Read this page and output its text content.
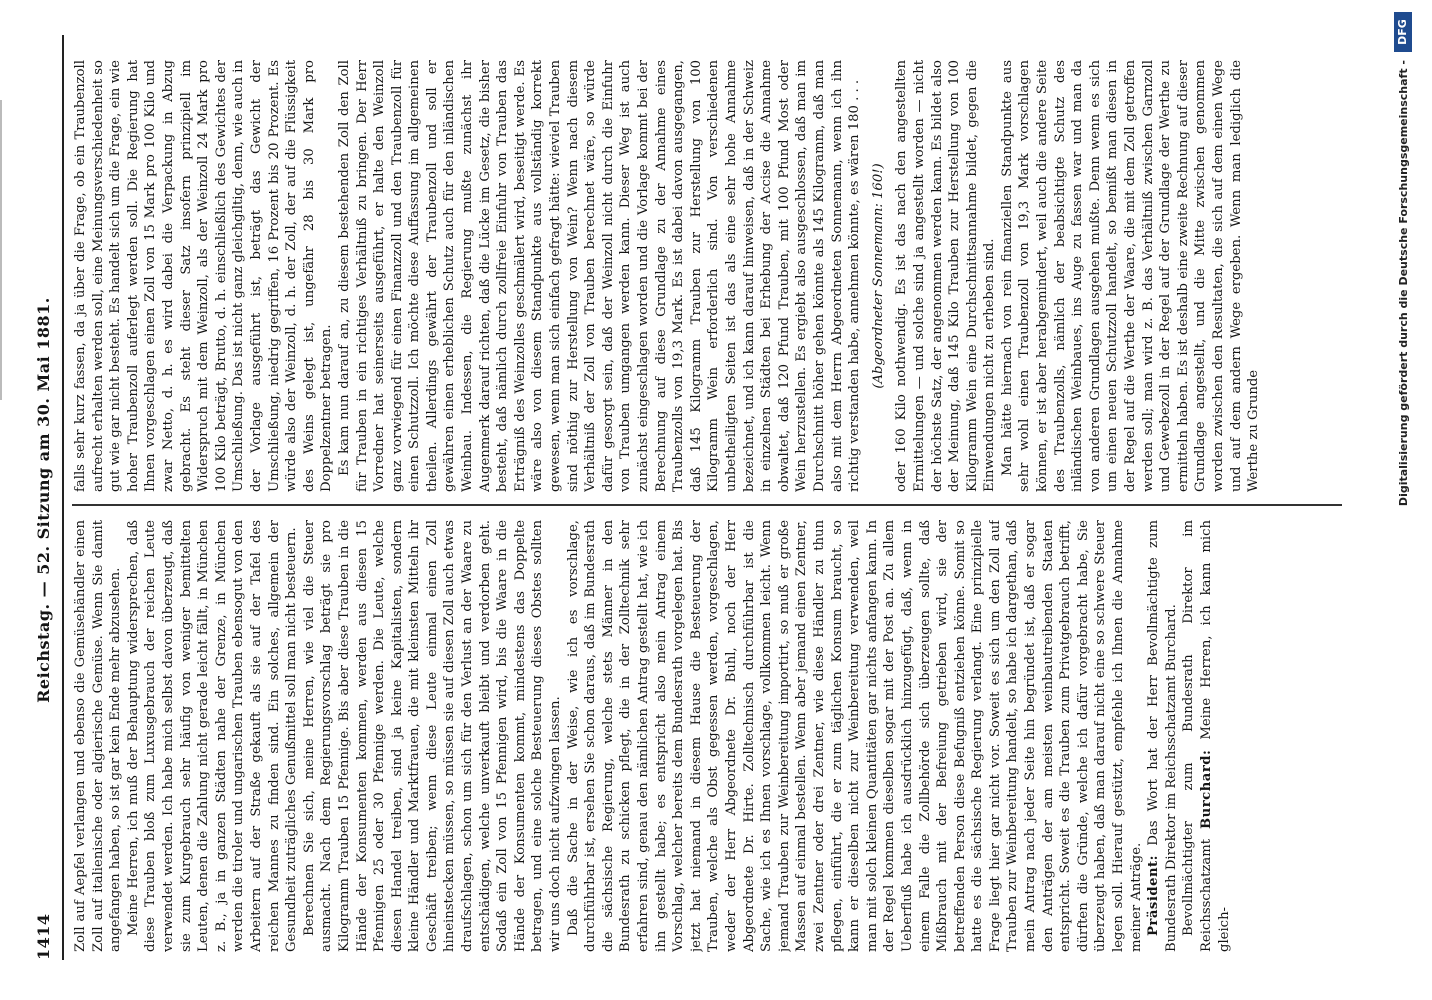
1414
Reichstag. — 52. Sitzung am 30. Mai 1881.

Zoll auf Aepfel verlangen und ebenso die Gemüsehändler einen Zoll auf italienische oder algierische Gemüse. Wenn Sie damit angefangen haben, so ist gar kein Ende mehr abzusehen. Meine Herren, ich muß der Behauptung widersprechen, daß diese Trauben bloß zum Luxusgebrauch der reichen Leute verwendet werden. Ich habe mich selbst davon überzeugt, daß sie zum Kurgebrauch sehr häufig von weniger bemittelten Leuten, denen die Zahlung nicht gerade leicht fällt, in München z. B., ja in ganzen Städten nahe der Grenze, in München werden die tiroler und ungarischen Trauben ebensogut von den Arbeitern auf der Straße gekauft als sie auf der Tafel des reichen Mannes zu finden sind. Ein solches, allgemein der Gesundheit zuträgliches Genußmittel soll man nicht besteuern. Berechnen Sie sich, meine Herren, wie viel die Steuer ausmacht. Nach dem Regierungsvorschlag beträgt sie pro Kilogramm Trauben 15 Pfennige. Bis aber diese Trauben in die Hände der Konsumenten kommen, werden aus diesen 15 Pfennigen 25 oder 30 Pfennige werden. Die Leute, welche diesen Handel treiben, sind ja keine Kapitalisten, sondern kleine Händler und Marktfrauen, die mit kleinsten Mitteln ihr Geschäft treiben; wenn diese Leute einmal einen Zoll hineinstecken müssen, so müssen sie auf diesen Zoll auch etwas draufschlagen, schon um sich für den Verlust an der Waare zu entschädigen, welche unverkauft bleibt und verdorben geht. Sodaß ein Zoll von 15 Pfennigen wird, bis die Waare in die Hände der Konsumenten kommt, mindestens das Doppelte betragen, und eine solche Besteuerung dieses Obstes sollten wir uns doch nicht aufzwingen lassen. Daß die Sache in der Weise, wie ich es vorschlage, durchführbar ist, ersehen Sie schon daraus, daß im Bundesrath die sächsische Regierung, welche stets Männer in den Bundesrath zu schicken pflegt, die in der Zolltechnik sehr erfahren sind, genau den nämlichen Antrag gestellt hat, wie ich ihn gestellt habe; es entspricht also mein Antrag einem Vorschlag, welcher bereits dem Bundesrath vorgelegen hat. Bis jetzt hat niemand in diesem Hause die Besteuerung der Trauben, welche als Obst gegessen werden, vorgeschlagen, weder der Herr Abgeordnete Dr. Buhl, noch der Herr Abgeordnete Dr. Hirte. Zolltechnisch durchführbar ist die Sache, wie ich es Ihnen vorschlage, vollkommen leicht. Wenn jemand Trauben zur Weinbereitung importirt, so muß er große Massen auf einmal bestellen. Wenn aber jemand einen Zentner, zwei Zentner oder drei Zentner, wie diese Händler zu thun pflegen, einführt, die er zum täglichen Konsum braucht, so kann er dieselben nicht zur Weinbereitung verwenden, weil man mit solch kleinen Quantitäten gar nichts anfangen kann. In der Regel kommen dieselben sogar mit der Post an. Zu allem Ueberfluß habe ich ausdrücklich hinzugefügt, daß, wenn in einem Falle die Zollbehörde sich überzeugen sollte, daß Mißbrauch mit der Befreiung getrieben wird, sie der betreffenden Person diese Befugniß entziehen könne. Somit so hatte es die sächsische Regierung verlangt. Eine prinzipielle Frage liegt hier gar nicht vor. Soweit es sich um den Zoll auf Trauben zur Weinbereitung handelt, so habe ich dargethan, daß mein Antrag nach jeder Seite hin begründet ist, daß er sogar den Anträgen der am meisten weinbautreibenden Staaten entspricht. Soweit es die Trauben zum Privatgebrauch betrifft, dürften die Gründe, welche ich dafür vorgebracht habe, Sie überzeugt haben, daß man darauf nicht eine so schwere Steuer legen soll. Hierauf gestützt, empfehle ich Ihnen die Annahme meiner Anträge. Präsident: Das Wort hat der Herr Bevollmächtigte zum Bundesrath Direktor im Reichsschatzamt Burchard. Bevollmächtigter zum Bundesrath Direktor im Reichsschatzamt Burchard: Meine Herren, ich kann mich gleich-

falls sehr kurz fassen, da ja über die Frage, ob ein Traubenzoll aufrecht erhalten werden soll, eine Meinungsverschiedenheit so gut wie gar nicht besteht. Es handelt sich um die Frage, ein wie hoher Traubenzoll auferlegt werden soll. Die Regierung hat Ihnen vorgeschlagen einen Zoll von 15 Mark pro 100 Kilo und zwar Netto, d. h. es wird dabei die Verpackung in Abzug gebracht. Es steht dieser Satz insofern prinzipiell im Widerspruch mit dem Weinzoll, als der Weinzoll 24 Mark pro 100 Kilo beträgt, Brutto, d. h. einschließlich des Gewichtes der Umschließung. Das ist nicht ganz gleichgiltig, denn, wie auch in der Vorlage ausgeführt ist, beträgt das Gewicht der Umschließung, niedrig gegriffen, 16 Prozent bis 20 Prozent. Es würde also der Weinzoll, d. h. der Zoll, der auf die Flüssigkeit des Weins gelegt ist, ungefähr 28 bis 30 Mark pro Doppelzentner betragen. Es kam nun darauf an, zu diesem bestehenden Zoll den Zoll für Trauben in ein richtiges Verhältniß zu bringen. Der Herr Vorredner hat seinerseits ausgeführt, er halte den Weinzoll ganz vorwiegend für einen Finanzzoll und den Traubenzoll für einen Schutzzoll. Ich möchte diese Auffassung im allgemeinen theilen. Allerdings gewährt der Traubenzoll und soll er gewähren einen erheblichen Schutz auch für den inländischen Weinbau. Indessen, die Regierung mußte zunächst ihr Augenmerk darauf richten, daß die Lücke im Gesetz, die bisher besteht, daß nämlich durch zollfreie Einfuhr von Trauben das Erträgniß des Weinzolles geschmälert wird, beseitigt werde. Es wäre also von diesem Standpunkte aus vollständig korrekt gewesen, wenn man sich einfach gefragt hätte: wieviel Trauben sind nöthig zur Herstellung von Wein? Wenn nach diesem Verhältniß der Zoll von Trauben berechnet wäre, so würde dafür gesorgt sein, daß der Weinzoll nicht durch die Einfuhr von Trauben umgangen werden kann. Dieser Weg ist auch zunächst eingeschlagen worden und die Vorlage kommt bei der Berechnung auf diese Grundlage zu der Annahme eines Traubenzolls von 19,3 Mark. Es ist dabei davon ausgegangen, daß 145 Kilogramm Trauben zur Herstellung von 100 Kilogramm Wein erforderlich sind. Von verschiedenen unbetheiligten Seiten ist das als eine sehr hohe Annahme bezeichnet, und ich kann darauf hinweisen, daß in der Schweiz in einzelnen Städten bei Erhebung der Accise die Annahme obwaltet, daß 120 Pfund Trauben, mit 100 Pfund Most oder Wein herzustellen. Es ergiebt also ausgeschlossen, daß man im Durchschnitt höher gehen könnte als 145 Kilogramm, daß man also mit dem Herrn Abgeordneten Sonnemann, wenn ich ihn richtig verstanden habe, annehmen könnte, es wären 180 . . . (Abgeordneter Sonnemann: 160!) oder 160 Kilo nothwendig. Es ist das nach den angestellten Ermittelungen — und solche sind ja angestellt worden — nicht der höchste Satz, der angenommen werden kann. Es bildet also der Meinung, daß 145 Kilo Trauben zur Herstellung von 100 Kilogramm Wein eine Durchschnittsannahme bildet, gegen die Einwendungen nicht zu erheben sind. Man hätte hiernach von rein finanziellen Standpunkte aus sehr wohl einen Traubenzoll von 19,3 Mark vorschlagen können, er ist aber herabgemindert, weil auch die andere Seite des Traubenzolls, nämlich der beabsichtigte Schutz des inländischen Weinbaues, ins Auge zu fassen war und man da von anderen Grundlagen ausgehen mußte. Denn wenn es sich um einen neuen Schutzzoll handelt, so bemißt man diesen in der Regel auf die Werthe der Waare, die mit dem Zoll getroffen werden soll; man wird z. B. das Verhältniß zwischen Garnzoll und Gewebezoll in der Regel auf der Grundlage der Werthe zu ermitteln haben. Es ist deshalb eine zweite Rechnung auf dieser Grundlage angestellt, und die Mitte zwischen genommen worden zwischen den Resultaten, die sich auf dem einen Wege und auf dem andern Wege ergeben. Wenn man lediglich die Werthe zu Grunde	Digitalisierung gefördert durch die Deutsche Forschungsgemeinschaft -
DFG
